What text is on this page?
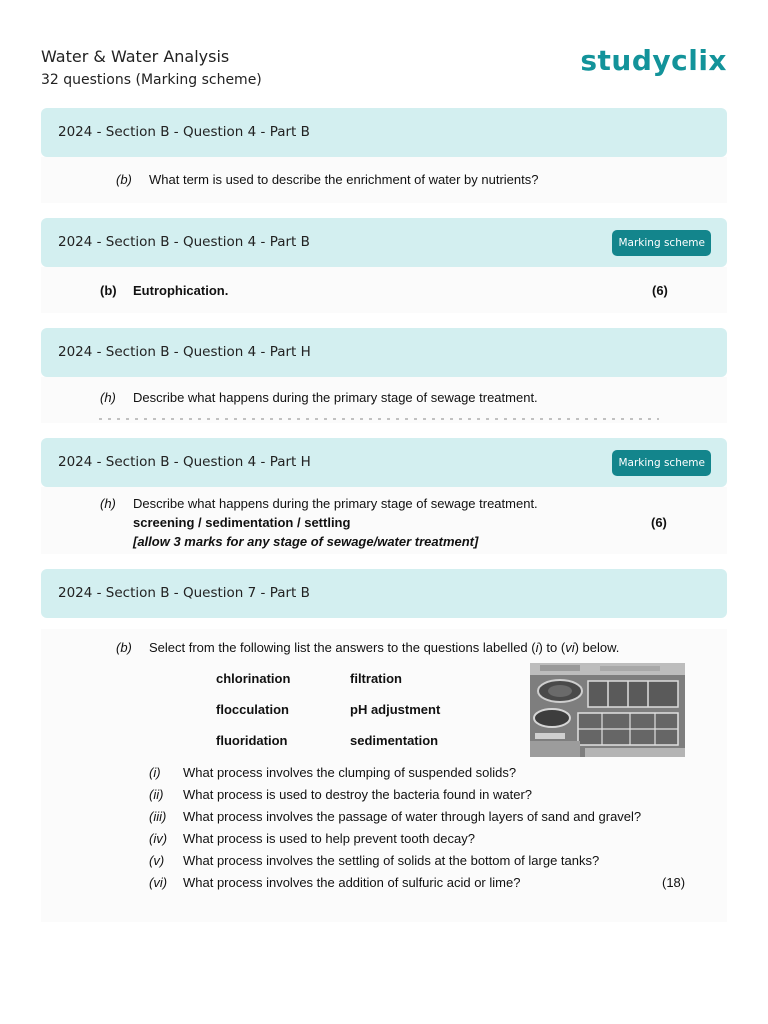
Water & Water Analysis
32 questions (Marking scheme)
studyclix
2024 - Section B - Question 4 - Part B
(b) What term is used to describe the enrichment of water by nutrients?
2024 - Section B - Question 4 - Part B	Marking scheme
(b) Eutrophication.	(6)
2024 - Section B - Question 4 - Part H
(h) Describe what happens during the primary stage of sewage treatment.
2024 - Section B - Question 4 - Part H	Marking scheme
(h) Describe what happens during the primary stage of sewage treatment.
screening / sedimentation / settling	(6)
[allow 3 marks for any stage of sewage/water treatment]
2024 - Section B - Question 7 - Part B
(b) Select from the following list the answers to the questions labelled (i) to (vi) below.
chlorination	filtration
flocculation	pH adjustment
fluoridation	sedimentation
(i) What process involves the clumping of suspended solids?
(ii) What process is used to destroy the bacteria found in water?
(iii) What process involves the passage of water through layers of sand and gravel?
(iv) What process is used to help prevent tooth decay?
(v) What process involves the settling of solids at the bottom of large tanks?
(vi) What process involves the addition of sulfuric acid or lime?	(18)
